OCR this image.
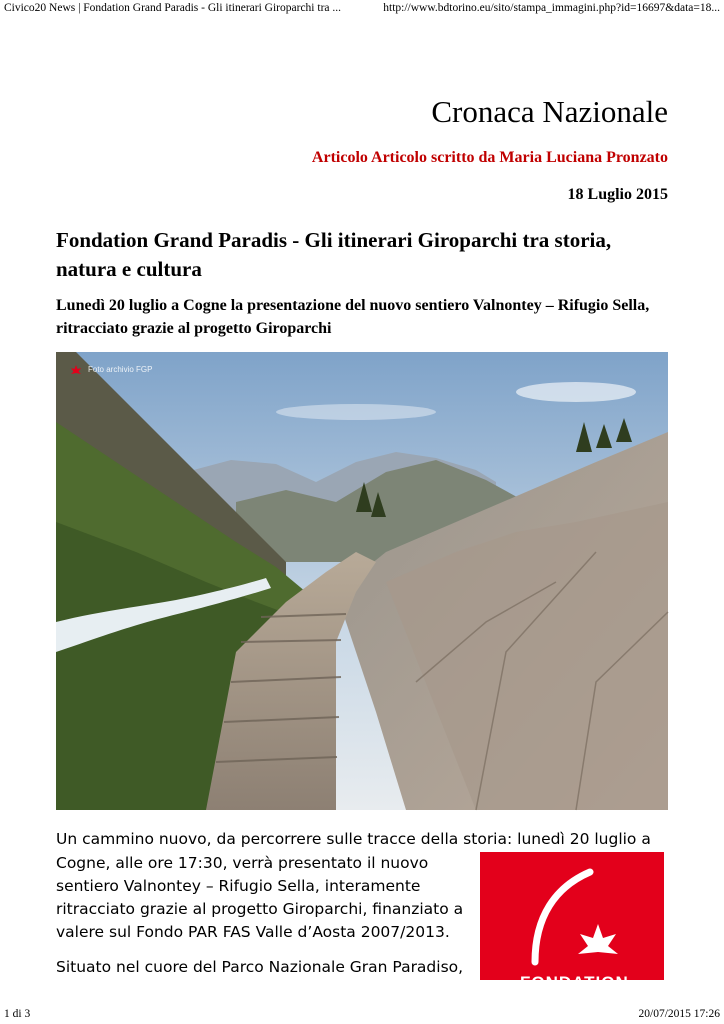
Civico20 News | Fondation Grand Paradis - Gli itinerari Giroparchi tra ...	http://www.bdtorino.eu/sito/stampa_immagini.php?id=16697&data=18...
Cronaca Nazionale
Articolo Articolo scritto da Maria Luciana Pronzato
18 Luglio 2015
Fondation Grand Paradis - Gli itinerari Giroparchi tra storia, natura e cultura
Lunedì 20 luglio a Cogne la presentazione del nuovo sentiero Valnontey – Rifugio Sella, ritracciato grazie al progetto Giroparchi
Foto archivio FGP
Un cammino nuovo, da percorrere sulle tracce della storia: lunedì 20 luglio a

Cogne, alle ore 17:30, verrà presentato il nuovo sentiero Valnontey – Rifugio Sella, interamente ritracciato grazie al progetto Giroparchi, finanziato a valere sul Fondo PAR FAS Valle d’Aosta 2007/2013.

Situato nel cuore del Parco Nazionale Gran Paradiso,

FONDATION
1 di 3	20/07/2015 17:26
